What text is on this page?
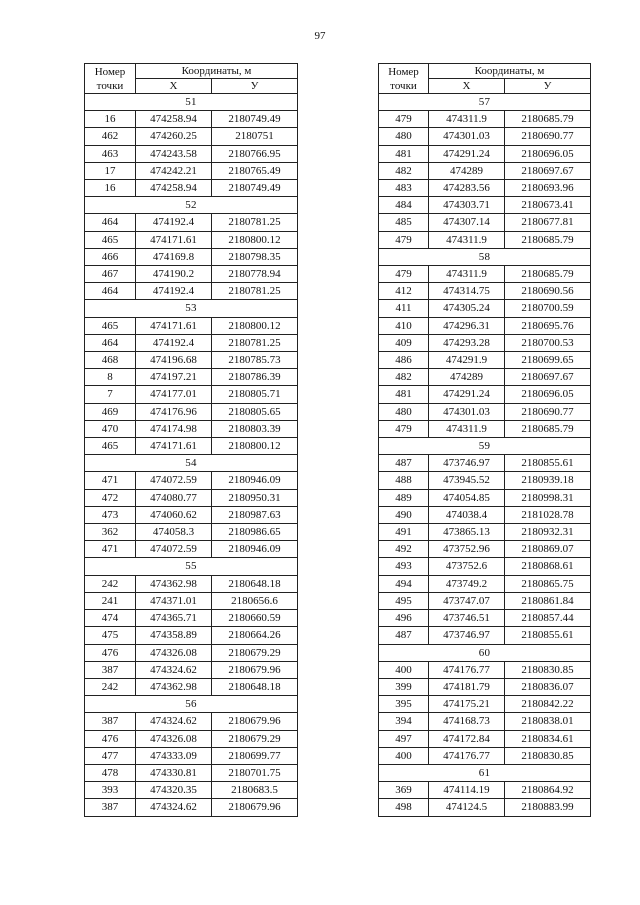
97
Номер
точки	Координаты, м	
	X	У
51		
16	474258.94	2180749.49
462	474260.25	2180751
463	474243.58	2180766.95
17	474242.21	2180765.49
16	474258.94	2180749.49
52		
464	474192.4	2180781.25
465	474171.61	2180800.12
466	474169.8	2180798.35
467	474190.2	2180778.94
464	474192.4	2180781.25
53		
465	474171.61	2180800.12
464	474192.4	2180781.25
468	474196.68	2180785.73
8	474197.21	2180786.39
7	474177.01	2180805.71
469	474176.96	2180805.65
470	474174.98	2180803.39
465	474171.61	2180800.12
54		
471	474072.59	2180946.09
472	474080.77	2180950.31
473	474060.62	2180987.63
362	474058.3	2180986.65
471	474072.59	2180946.09
55		
242	474362.98	2180648.18
241	474371.01	2180656.6
474	474365.71	2180660.59
475	474358.89	2180664.26
476	474326.08	2180679.29
387	474324.62	2180679.96
242	474362.98	2180648.18
56		
387	474324.62	2180679.96
476	474326.08	2180679.29
477	474333.09	2180699.77
478	474330.81	2180701.75
393	474320.35	2180683.5
387	474324.62	2180679.96
Номер
точки	Координаты, м	
	X	У
57		
479	474311.9	2180685.79
480	474301.03	2180690.77
481	474291.24	2180696.05
482	474289	2180697.67
483	474283.56	2180693.96
484	474303.71	2180673.41
485	474307.14	2180677.81
479	474311.9	2180685.79
58		
479	474311.9	2180685.79
412	474314.75	2180690.56
411	474305.24	2180700.59
410	474296.31	2180695.76
409	474293.28	2180700.53
486	474291.9	2180699.65
482	474289	2180697.67
481	474291.24	2180696.05
480	474301.03	2180690.77
479	474311.9	2180685.79
59		
487	473746.97	2180855.61
488	473945.52	2180939.18
489	474054.85	2180998.31
490	474038.4	2181028.78
491	473865.13	2180932.31
492	473752.96	2180869.07
493	473752.6	2180868.61
494	473749.2	2180865.75
495	473747.07	2180861.84
496	473746.51	2180857.44
487	473746.97	2180855.61
60		
400	474176.77	2180830.85
399	474181.79	2180836.07
395	474175.21	2180842.22
394	474168.73	2180838.01
497	474172.84	2180834.61
400	474176.77	2180830.85
61		
369	474114.19	2180864.92
498	474124.5	2180883.99
